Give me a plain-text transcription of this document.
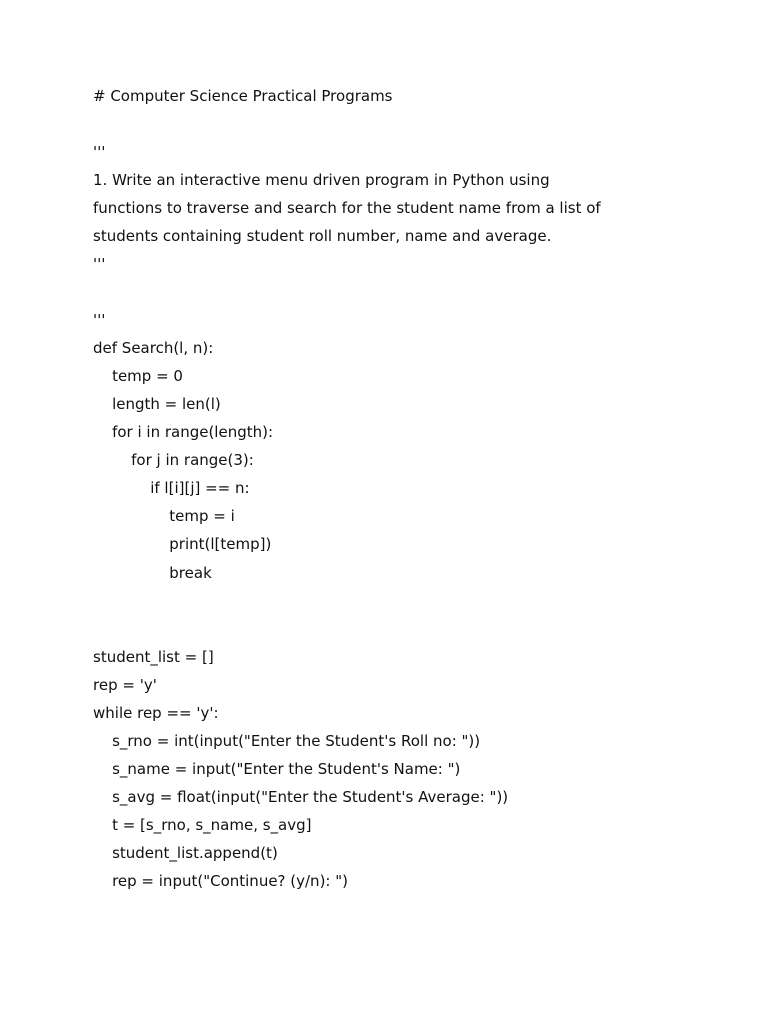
# Computer Science Practical Programs
'''
1. Write an interactive menu driven program in Python using
functions to traverse and search for the student name from a list of
students containing student roll number, name and average.
'''
'''
def Search(l, n):
temp = 0
length = len(l)
for i in range(length):
for j in range(3):
if l[i][j] == n:
temp = i
print(l[temp])
break
student_list = []
rep = 'y'
while rep == 'y':
s_rno = int(input("Enter the Student's Roll no: "))
s_name = input("Enter the Student's Name: ")
s_avg = float(input("Enter the Student's Average: "))
t = [s_rno, s_name, s_avg]
student_list.append(t)
rep = input("Continue? (y/n): ")
